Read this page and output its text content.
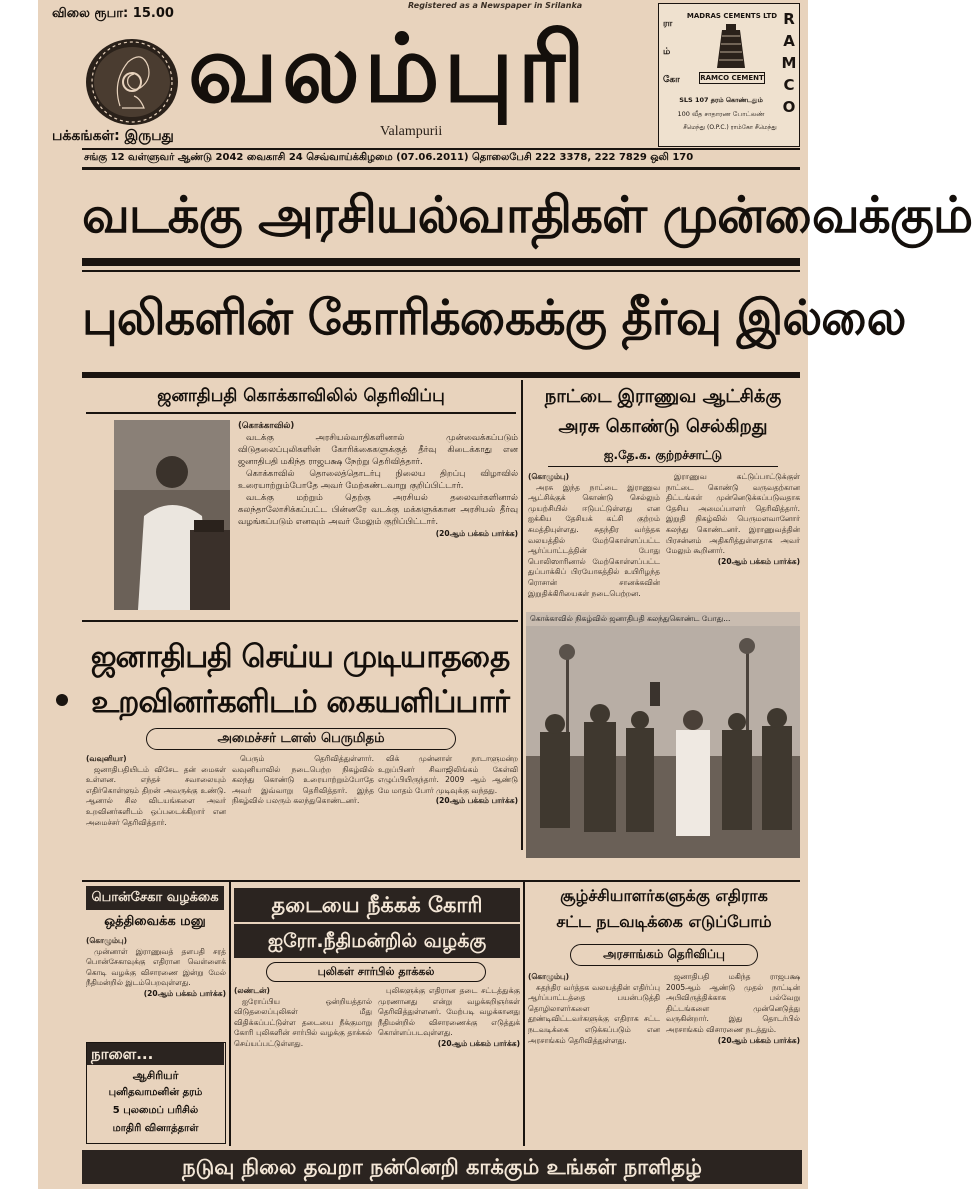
விலை ரூபா: 15.00
Registered as a Newspaper in Srilanka
வலம்புரி
Valampurii
பக்கங்கள்: இருபது
ரா ம் கோ
RAMCO
MADRAS CEMENTS LTD
RAMCO CEMENT
SLS 107 தரம் கொண்டதும்
100 வீத சாதாரண போட்லண்
சீமெந்து (O.P.C.) ராம்கோ சீமெந்து
சங்கு 12 வள்ளுவர் ஆண்டு 2042 வைகாசி 24 செவ்வாய்க்கிழமை (07.06.2011) தொலைபேசி 222 3378, 222 7829 ஒலி 170
வடக்கு அரசியல்வாதிகள் முன்வைக்கும்
புலிகளின் கோரிக்கைக்கு தீர்வு இல்லை
ஜனாதிபதி கொக்காவிலில் தெரிவிப்பு
(கொக்காவில்)

வடக்கு அரசியல்வாதிகளினால் முன்வைக்கப்படும் விடுதலைப்புலிகளின் கோரிக்கைகளுக்குத் தீர்வு கிடைக்காது என ஜனாதிபதி மகிந்த ராஜபக்ஷ நேற்று தெரிவித்தார்.

கொக்காவில் தொலைத்தொடர்பு நிலைய திறப்பு விழாவில் உரையாற்றும்போதே அவர் மேற்கண்டவாறு குறிப்பிட்டார்.

வடக்கு மற்றும் தெற்கு அரசியல் தலைவர்களினால் கலந்தாலோசிக்கப்பட்ட பின்னரே வடக்கு மக்களுக்கான அரசியல் தீர்வு வழங்கப்படும் எனவும் அவர் மேலும் குறிப்பிட்டார்.

(20ஆம் பக்கம் பார்க்க)
நாட்டை இராணுவ ஆட்சிக்கு
அரசு கொண்டு செல்கிறது
ஐ.தே.க. குற்றச்சாட்டு
(கொழும்பு)

அரசு இந்த நாட்டை இராணுவ ஆட்சிக்குக் கொண்டு செல்லும் முயற்சியில் ஈடுபட்டுள்ளது என ஐக்கிய தேசியக் கட்சி குற்றம் சுமத்தியுள்ளது. சுதந்திர வர்த்தக வலயத்தில் மேற்கொள்ளப்பட்ட ஆர்ப்பாட்டத்தின் போது பொலிஸாரினால் மேற்கொள்ளப்பட்ட துப்பாக்கிப் பிரயோகத்தில் உயிரிழந்த ரொசான் சானக்கவின் இறுதிக்கிரியைகள் நடைபெற்றன.

இராணுவ கட்டுப்பாட்டுக்குள் நாட்டை கொண்டு வருவதற்கான திட்டங்கள் முன்னெடுக்கப்படுவதாக தேசிய அமைப்பாளர் தெரிவித்தார். இறுதி நிகழ்வில் பெருமளவானோர் கலந்து கொண்டனர். இராணுவத்தின் பிரசன்னம் அதிகரித்துள்ளதாக அவர் மேலும் கூறினார்.

(20ஆம் பக்கம் பார்க்க)
கொக்காவில் நிகழ்வில் ஜனாதிபதி கலந்துகொண்ட போது...
ஜனாதிபதி செய்ய முடியாததை
உறவினர்களிடம் கையளிப்பார்
அமைச்சர் டளஸ் பெருமிதம்
(வவுனியா)

ஜனாதிபதியிடம் விசேட தன் மைகள் உள்ளன. எந்தச் சவாலையும் எதிர்கொள்ளும் திறன் அவருக்கு உண்டு. ஆனால் சில விடயங்களை அவர் உறவினர்களிடம் ஒப்படைக்கிறார் என அமைச்சர் தெரிவித்தார்.

பெரும் தெரிவித்துள்ளார். வவுனியாவில் நடைபெற்ற நிகழ்வில் கலந்து கொண்டு உரையாற்றும்போதே அவர் இவ்வாறு தெரிவித்தார். இந்த நிகழ்வில் பலரும் கலந்துகொண்டனர்.

விக் முன்னாள் நாடாளுமன்ற உறுப்பினர் சிவாஜிலிங்கம் கேள்வி எழுப்பியிருந்தார். 2009 ஆம் ஆண்டு மே மாதம் போர் முடிவுக்கு வந்தது.

(20ஆம் பக்கம் பார்க்க)
பொன்சேகா வழக்கை
ஒத்திவைக்க மனு
(கொழும்பு)

முன்னாள் இராணுவத் தளபதி சரத் பொன்சேகாவுக்கு எதிரான வெள்ளைக் கொடி வழக்கு விசாரணை இன்று மேல் நீதிமன்றில் இடம்பெறவுள்ளது.

(20ஆம் பக்கம் பார்க்க)
நாளை...
ஆசிரியர்
புனிதவாமனின் தரம்
5 புலமைப் பரிசில்
மாதிரி வினாத்தாள்
தடையை நீக்கக் கோரி
ஐரோ.நீதிமன்றில் வழக்கு
புலிகள் சார்பில் தாக்கல்
(லண்டன்)

ஐரோப்பிய ஒன்றியத்தால் விடுதலைப்புலிகள் மீது விதிக்கப்பட்டுள்ள தடையை நீக்குமாறு கோரி புலிகளின் சார்பில் வழக்கு தாக்கல் செய்யப்பட்டுள்ளது.

புலிகளுக்கு எதிரான தடை சட்டத்துக்கு முரணானது என்று வழக்கறிஞர்கள் தெரிவித்துள்ளனர். மேற்படி வழக்கானது நீதிமன்றில் விசாரணைக்கு எடுத்துக் கொள்ளப்படவுள்ளது.

(20ஆம் பக்கம் பார்க்க)
சூழ்ச்சியாளர்களுக்கு எதிராக
சட்ட நடவடிக்கை எடுப்போம்
அரசாங்கம் தெரிவிப்பு
(கொழும்பு)

சுதந்திர வர்த்தக வலயத்தின் எதிர்ப்பு ஆர்ப்பாட்டத்தை பயன்படுத்தி தொழிலாளர்களை தூண்டிவிட்டவர்களுக்கு எதிராக சட்ட நடவடிக்கை எடுக்கப்படும் என அரசாங்கம் தெரிவித்துள்ளது.

ஜனாதிபதி மகிந்த ராஜபக்ஷ 2005ஆம் ஆண்டு முதல் நாட்டின் அபிவிருத்திக்காக பல்வேறு திட்டங்களை முன்னெடுத்து வருகின்றார். இது தொடர்பில் அரசாங்கம் விசாரணை நடத்தும்.

(20ஆம் பக்கம் பார்க்க)
நடுவு நிலை தவறா நன்னெறி காக்கும் உங்கள் நாளிதழ்
